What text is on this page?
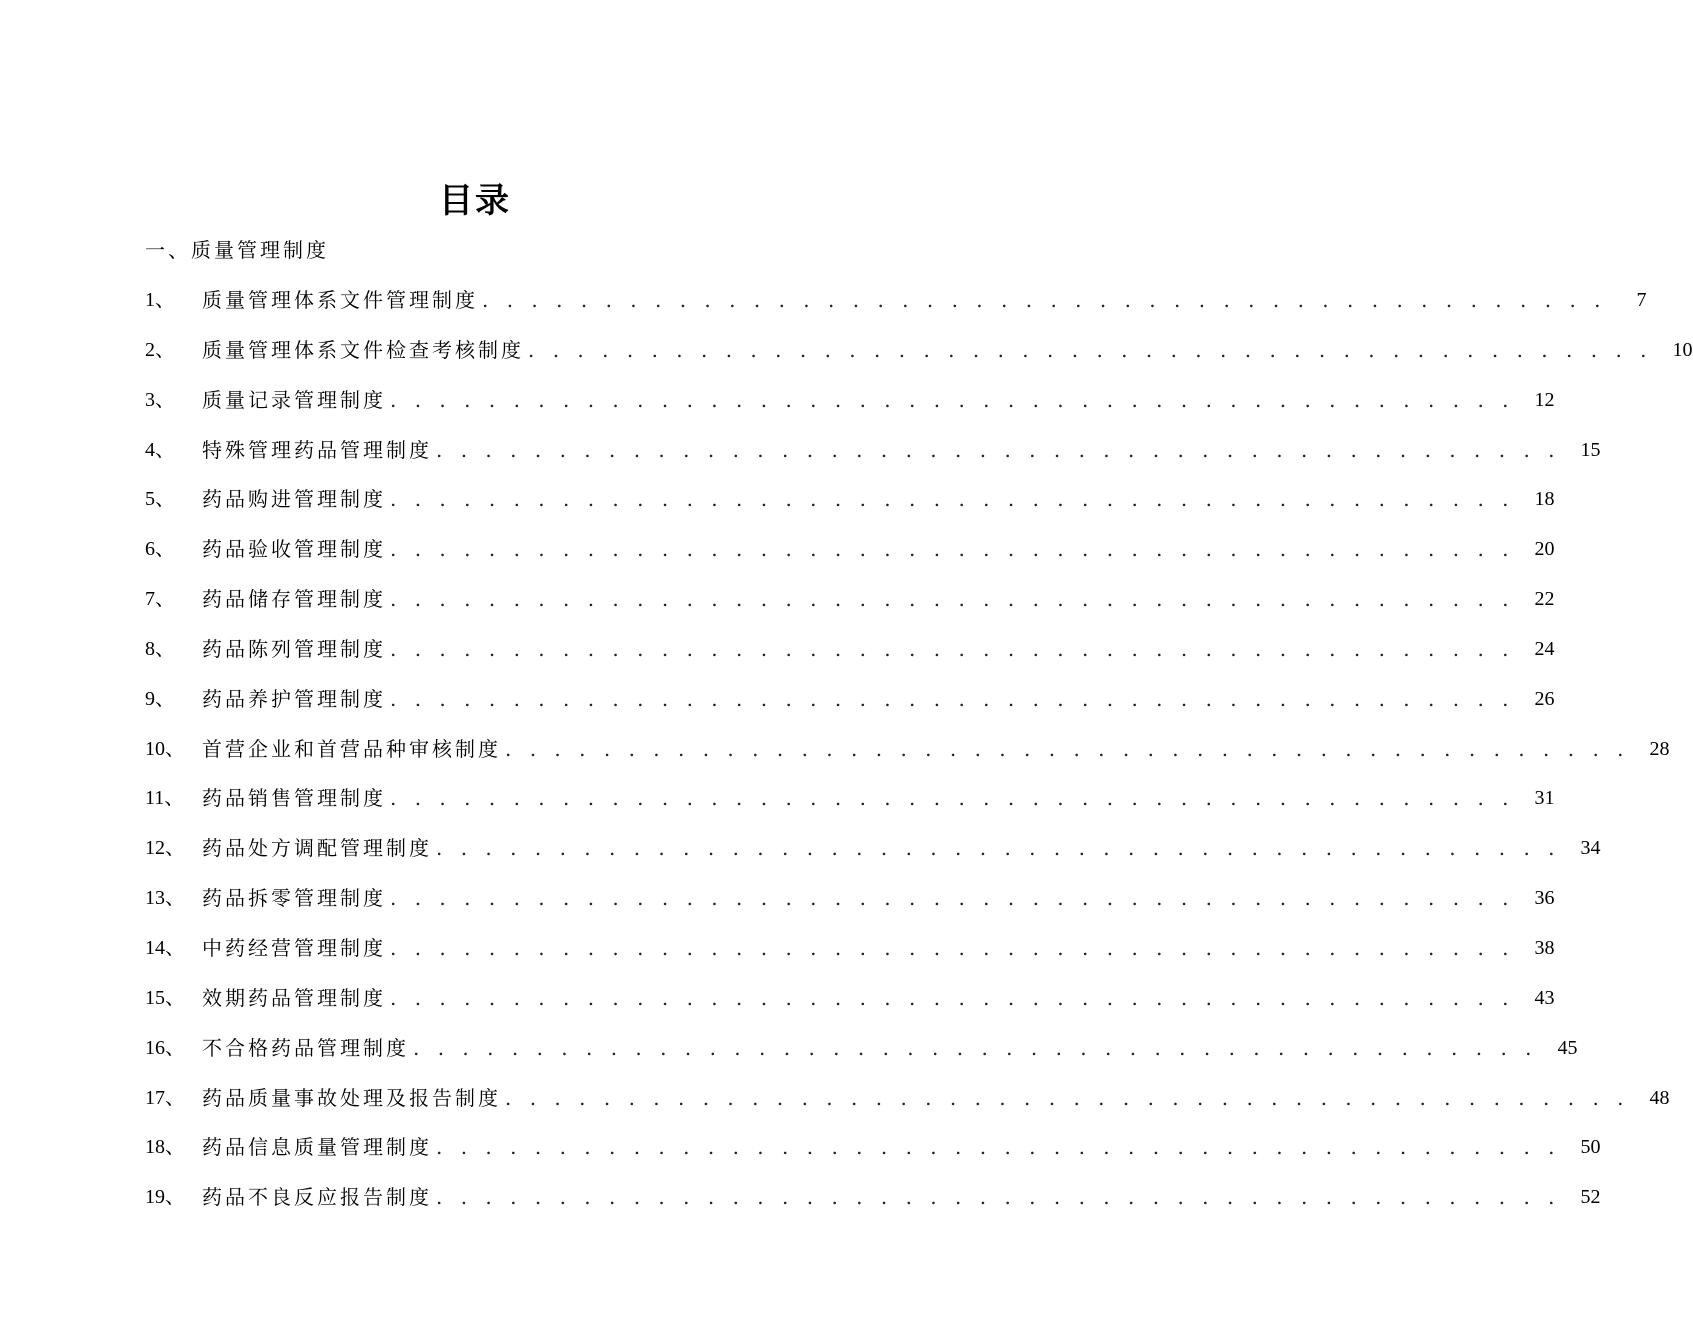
目录
一、质量管理制度
1、	质量管理体系文件管理制度 . . . . . . . . . . . . . . . . . . . . . . . . . . . . . . . . . . . . . . . . . . . . . .	7
2、	质量管理体系文件检查考核制度 . . . . . . . . . . . . . . . . . . . . . . . . . . . . . . . . . . . . . . . . . . . . . .	10
3、	质量记录管理制度 . . . . . . . . . . . . . . . . . . . . . . . . . . . . . . . . . . . . . . . . . . . . . .	12
4、	特殊管理药品管理制度 . . . . . . . . . . . . . . . . . . . . . . . . . . . . . . . . . . . . . . . . . . . . . .	15
5、	药品购进管理制度 . . . . . . . . . . . . . . . . . . . . . . . . . . . . . . . . . . . . . . . . . . . . . .	18
6、	药品验收管理制度 . . . . . . . . . . . . . . . . . . . . . . . . . . . . . . . . . . . . . . . . . . . . . .	20
7、	药品储存管理制度 . . . . . . . . . . . . . . . . . . . . . . . . . . . . . . . . . . . . . . . . . . . . . .	22
8、	药品陈列管理制度 . . . . . . . . . . . . . . . . . . . . . . . . . . . . . . . . . . . . . . . . . . . . . .	24
9、	药品养护管理制度 . . . . . . . . . . . . . . . . . . . . . . . . . . . . . . . . . . . . . . . . . . . . . .	26
10、 首营企业和首营品种审核制度 . . . . . . . . . . . . . . . . . . . . . . . . . . . . . . . . . . . . . . . . . . . . . .	28
11、 药品销售管理制度 . . . . . . . . . . . . . . . . . . . . . . . . . . . . . . . . . . . . . . . . . . . . . .	31
12、 药品处方调配管理制度 . . . . . . . . . . . . . . . . . . . . . . . . . . . . . . . . . . . . . . . . . . . . . .	34
13、 药品拆零管理制度 . . . . . . . . . . . . . . . . . . . . . . . . . . . . . . . . . . . . . . . . . . . . . .	36
14、 中药经营管理制度 . . . . . . . . . . . . . . . . . . . . . . . . . . . . . . . . . . . . . . . . . . . . . .	38
15、 效期药品管理制度 . . . . . . . . . . . . . . . . . . . . . . . . . . . . . . . . . . . . . . . . . . . . . .	43
16、 不合格药品管理制度 . . . . . . . . . . . . . . . . . . . . . . . . . . . . . . . . . . . . . . . . . . . . . .	45
17、 药品质量事故处理及报告制度 . . . . . . . . . . . . . . . . . . . . . . . . . . . . . . . . . . . . . . . . . . . . . .	48
18、 药品信息质量管理制度 . . . . . . . . . . . . . . . . . . . . . . . . . . . . . . . . . . . . . . . . . . . . . .	50
19、 药品不良反应报告制度 . . . . . . . . . . . . . . . . . . . . . . . . . . . . . . . . . . . . . . . . . . . . . .	52
